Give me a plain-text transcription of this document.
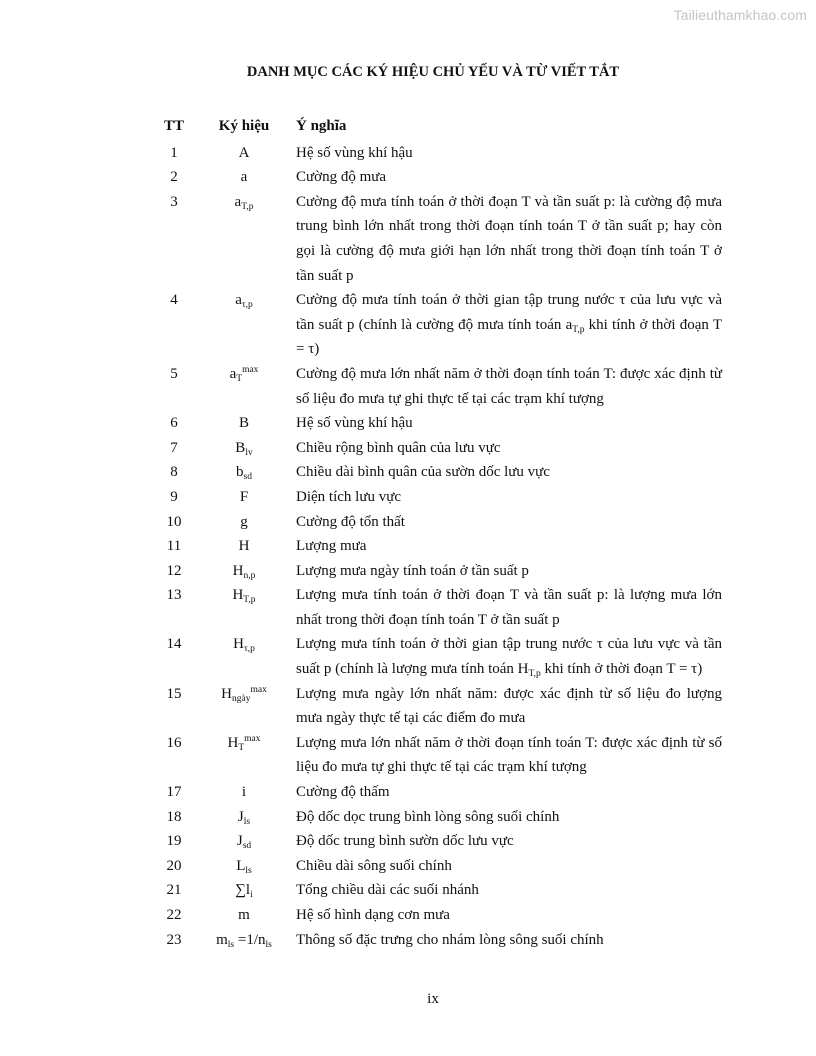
Tailieuthamkhao.com
DANH MỤC CÁC KÝ HIỆU CHỦ YẾU VÀ TỪ VIẾT TẮT
TT	Ký hiệu	Ý nghĩa
1	A	Hệ số vùng khí hậu
2	a	Cường độ mưa
3	$a_{T,p}$	Cường độ mưa tính toán ở thời đoạn T và tần suất p: là cường độ mưa trung bình lớn nhất trong thời đoạn tính toán T ở tần suất p; hay còn gọi là cường độ mưa giới hạn lớn nhất trong thời đoạn tính toán T ở tần suất p
4	$a_{\tau,p}$	Cường độ mưa tính toán ở thời gian tập trung nước τ của lưu vực và tần suất p (chính là cường độ mưa tính toán $a_{T,p}$ khi tính ở thời đoạn T = τ)
5	$a_T^{max}$	Cường độ mưa lớn nhất năm ở thời đoạn tính toán T: được xác định từ số liệu đo mưa tự ghi thực tế tại các trạm khí tượng
6	B	Hệ số vùng khí hậu
7	$B_{lv}$	Chiều rộng bình quân của lưu vực
8	$b_{sd}$	Chiều dài bình quân của sườn dốc lưu vực
9	F	Diện tích lưu vực
10	g	Cường độ tổn thất
11	H	Lượng mưa
12	$H_{n,p}$	Lượng mưa ngày tính toán ở tần suất p
13	$H_{T,p}$	Lượng mưa tính toán ở thời đoạn T và tần suất p: là lượng mưa lớn nhất trong thời đoạn tính toán T ở tần suất p
14	$H_{\tau,p}$	Lượng mưa tính toán ở thời gian tập trung nước τ của lưu vực và tần suất p (chính là lượng mưa tính toán $H_{T,p}$ khi tính ở thời đoạn T = τ)
15	$H_{ngày}^{max}$	Lượng mưa ngày lớn nhất năm: được xác định từ số liệu đo lượng mưa ngày thực tế tại các điểm đo mưa
16	$H_T^{max}$	Lượng mưa lớn nhất năm ở thời đoạn tính toán T: được xác định từ số liệu đo mưa tự ghi thực tế tại các trạm khí tượng
17	i	Cường độ thấm
18	$J_{ls}$	Độ dốc dọc trung bình lòng sông suối chính
19	$J_{sd}$	Độ dốc trung bình sườn dốc lưu vực
20	$L_{ls}$	Chiều dài sông suối chính
21	$\sum l_i$	Tổng chiều dài các suối nhánh
22	m	Hệ số hình dạng cơn mưa
23	$m_{ls} =1/n_{ls}$	Thông số đặc trưng cho nhám lòng sông suối chính
ix
